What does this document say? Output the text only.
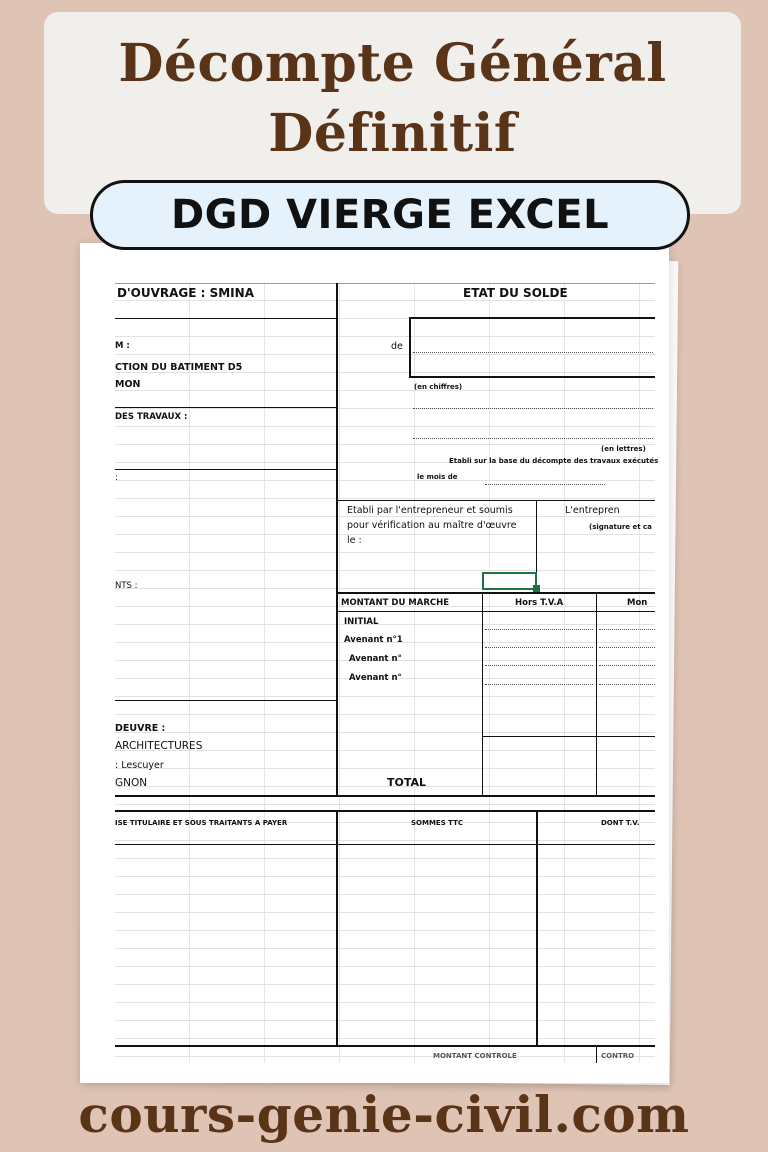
Décompte Général
Définitif
D'OUVRAGE : SMINA	ETAT DU SOLDE
M :	de
CTION DU BATIMENT D5
MON	(en chiffres)
DES TRAVAUX :
(en lettres)
Etabli sur la base du décompte des travaux exécutés
le mois de
:
Etabli par l'entrepreneur et soumis
pour vérification au maître d'œuvre
le :
L'entrepren
(signature et ca
NTS :
MONTANT DU MARCHE	Hors T.V.A	Mon
INITIAL
Avenant n°1
Avenant n°
Avenant n°
DEUVRE :
ARCHITECTURES
: Lescuyer
GNON	TOTAL
ISE TITULAIRE ET SOUS TRAITANTS A PAYER	SOMMES TTC	DONT T.V.
MONTANT CONTROLE	CONTRO
DGD VIERGE EXCEL
cours-genie-civil.com
